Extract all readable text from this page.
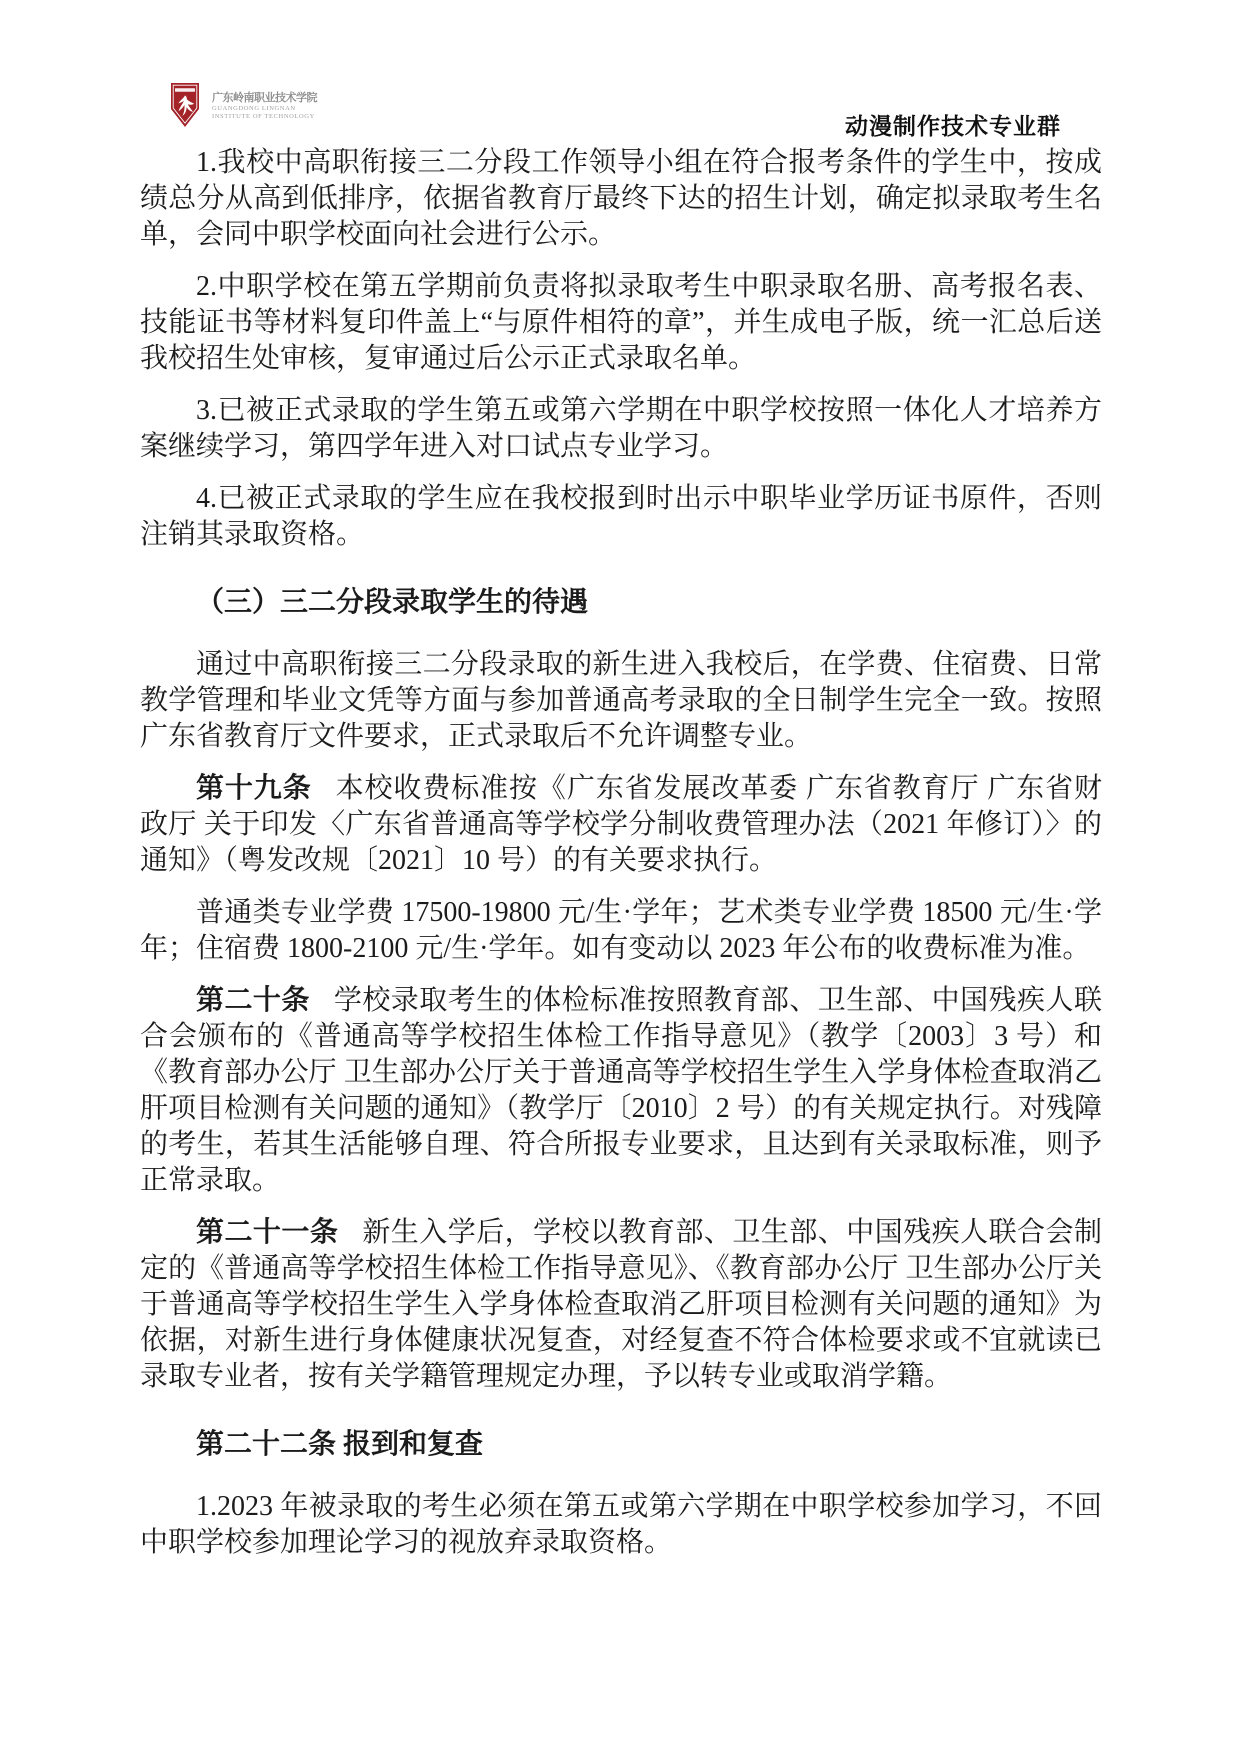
广东岭南职业技术学院
GUANGDONG LINGNAN
INSTITUTE OF TECHNOLOGY	动漫制作技术专业群

1.我校中高职衔接三二分段工作领导小组在符合报考条件的学生中，按成绩总分从高到低排序，依据省教育厅最终下达的招生计划，确定拟录取考生名单，会同中职学校面向社会进行公示。

2.中职学校在第五学期前负责将拟录取考生中职录取名册、高考报名表、技能证书等材料复印件盖上“与原件相符的章”，并生成电子版，统一汇总后送我校招生处审核，复审通过后公示正式录取名单。

3.已被正式录取的学生第五或第六学期在中职学校按照一体化人才培养方案继续学习，第四学年进入对口试点专业学习。

4.已被正式录取的学生应在我校报到时出示中职毕业学历证书原件，否则注销其录取资格。

（三）三二分段录取学生的待遇

通过中高职衔接三二分段录取的新生进入我校后，在学费、住宿费、日常教学管理和毕业文凭等方面与参加普通高考录取的全日制学生完全一致。按照广东省教育厅文件要求，正式录取后不允许调整专业。

第十九条 本校收费标准按《广东省发展改革委 广东省教育厅 广东省财政厅 关于印发〈广东省普通高等学校学分制收费管理办法（2021 年修订）〉的通知》（粤发改规〔2021〕10 号）的有关要求执行。

普通类专业学费 17500-19800 元/生·学年；艺术类专业学费 18500 元/生·学年；住宿费 1800-2100 元/生·学年。如有变动以 2023 年公布的收费标准为准。

第二十条 学校录取考生的体检标准按照教育部、卫生部、中国残疾人联合会颁布的《普通高等学校招生体检工作指导意见》（教学〔2003〕3 号）和《教育部办公厅 卫生部办公厅关于普通高等学校招生学生入学身体检查取消乙肝项目检测有关问题的通知》（教学厅〔2010〕2 号）的有关规定执行。对残障的考生，若其生活能够自理、符合所报专业要求，且达到有关录取标准，则予正常录取。

第二十一条 新生入学后，学校以教育部、卫生部、中国残疾人联合会制定的《普通高等学校招生体检工作指导意见》、《教育部办公厅 卫生部办公厅关于普通高等学校招生学生入学身体检查取消乙肝项目检测有关问题的通知》为依据，对新生进行身体健康状况复查，对经复查不符合体检要求或不宜就读已录取专业者，按有关学籍管理规定办理，予以转专业或取消学籍。

第二十二条 报到和复查

1.2023 年被录取的考生必须在第五或第六学期在中职学校参加学习，不回中职学校参加理论学习的视放弃录取资格。
